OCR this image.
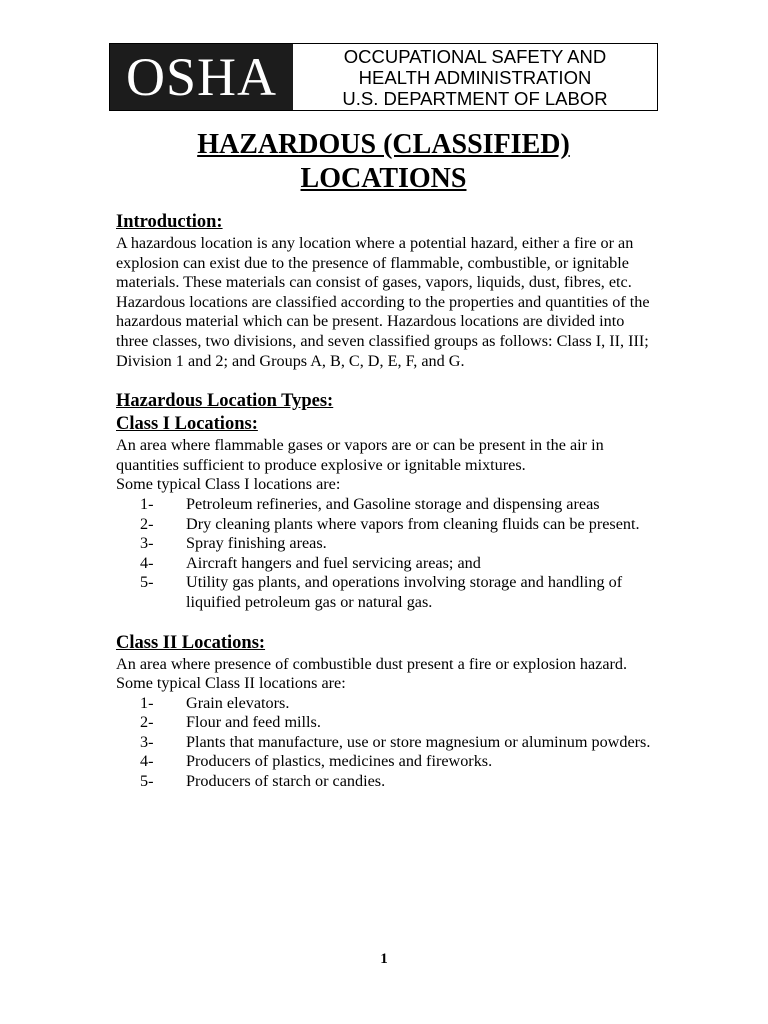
OSHA	OCCUPATIONAL SAFETY AND
HEALTH ADMINISTRATION
U.S. DEPARTMENT OF LABOR
HAZARDOUS (CLASSIFIED)
LOCATIONS
Introduction:

A hazardous location is any location where a potential hazard, either a fire or an explosion can exist due to the presence of flammable, combustible, or ignitable materials. These materials can consist of gases, vapors, liquids, dust, fibres, etc.

Hazardous locations are classified according to the properties and quantities of the hazardous material which can be present. Hazardous locations are divided into three classes, two divisions, and seven classified groups as follows: Class I, II, III; Division 1 and 2; and Groups A, B, C, D, E, F, and G.

Hazardous Location Types:
Class I Locations:

An area where flammable gases or vapors are or can be present in the air in quantities sufficient to produce explosive or ignitable mixtures.

Some typical Class I locations are:

1-	Petroleum refineries, and Gasoline storage and dispensing areas
2-	Dry cleaning plants where vapors from cleaning fluids can be present.
3-	Spray finishing areas.
4-	Aircraft hangers and fuel servicing areas; and
5-	Utility gas plants, and operations involving storage and handling of liquified petroleum gas or natural gas.
Class II Locations:

An area where presence of combustible dust present a fire or explosion hazard.

Some typical Class II locations are:

1-	Grain elevators.
2-	Flour and feed mills.
3-	Plants that manufacture, use or store magnesium or aluminum powders.
4-	Producers of plastics, medicines and fireworks.
5-	Producers of starch or candies.
1
